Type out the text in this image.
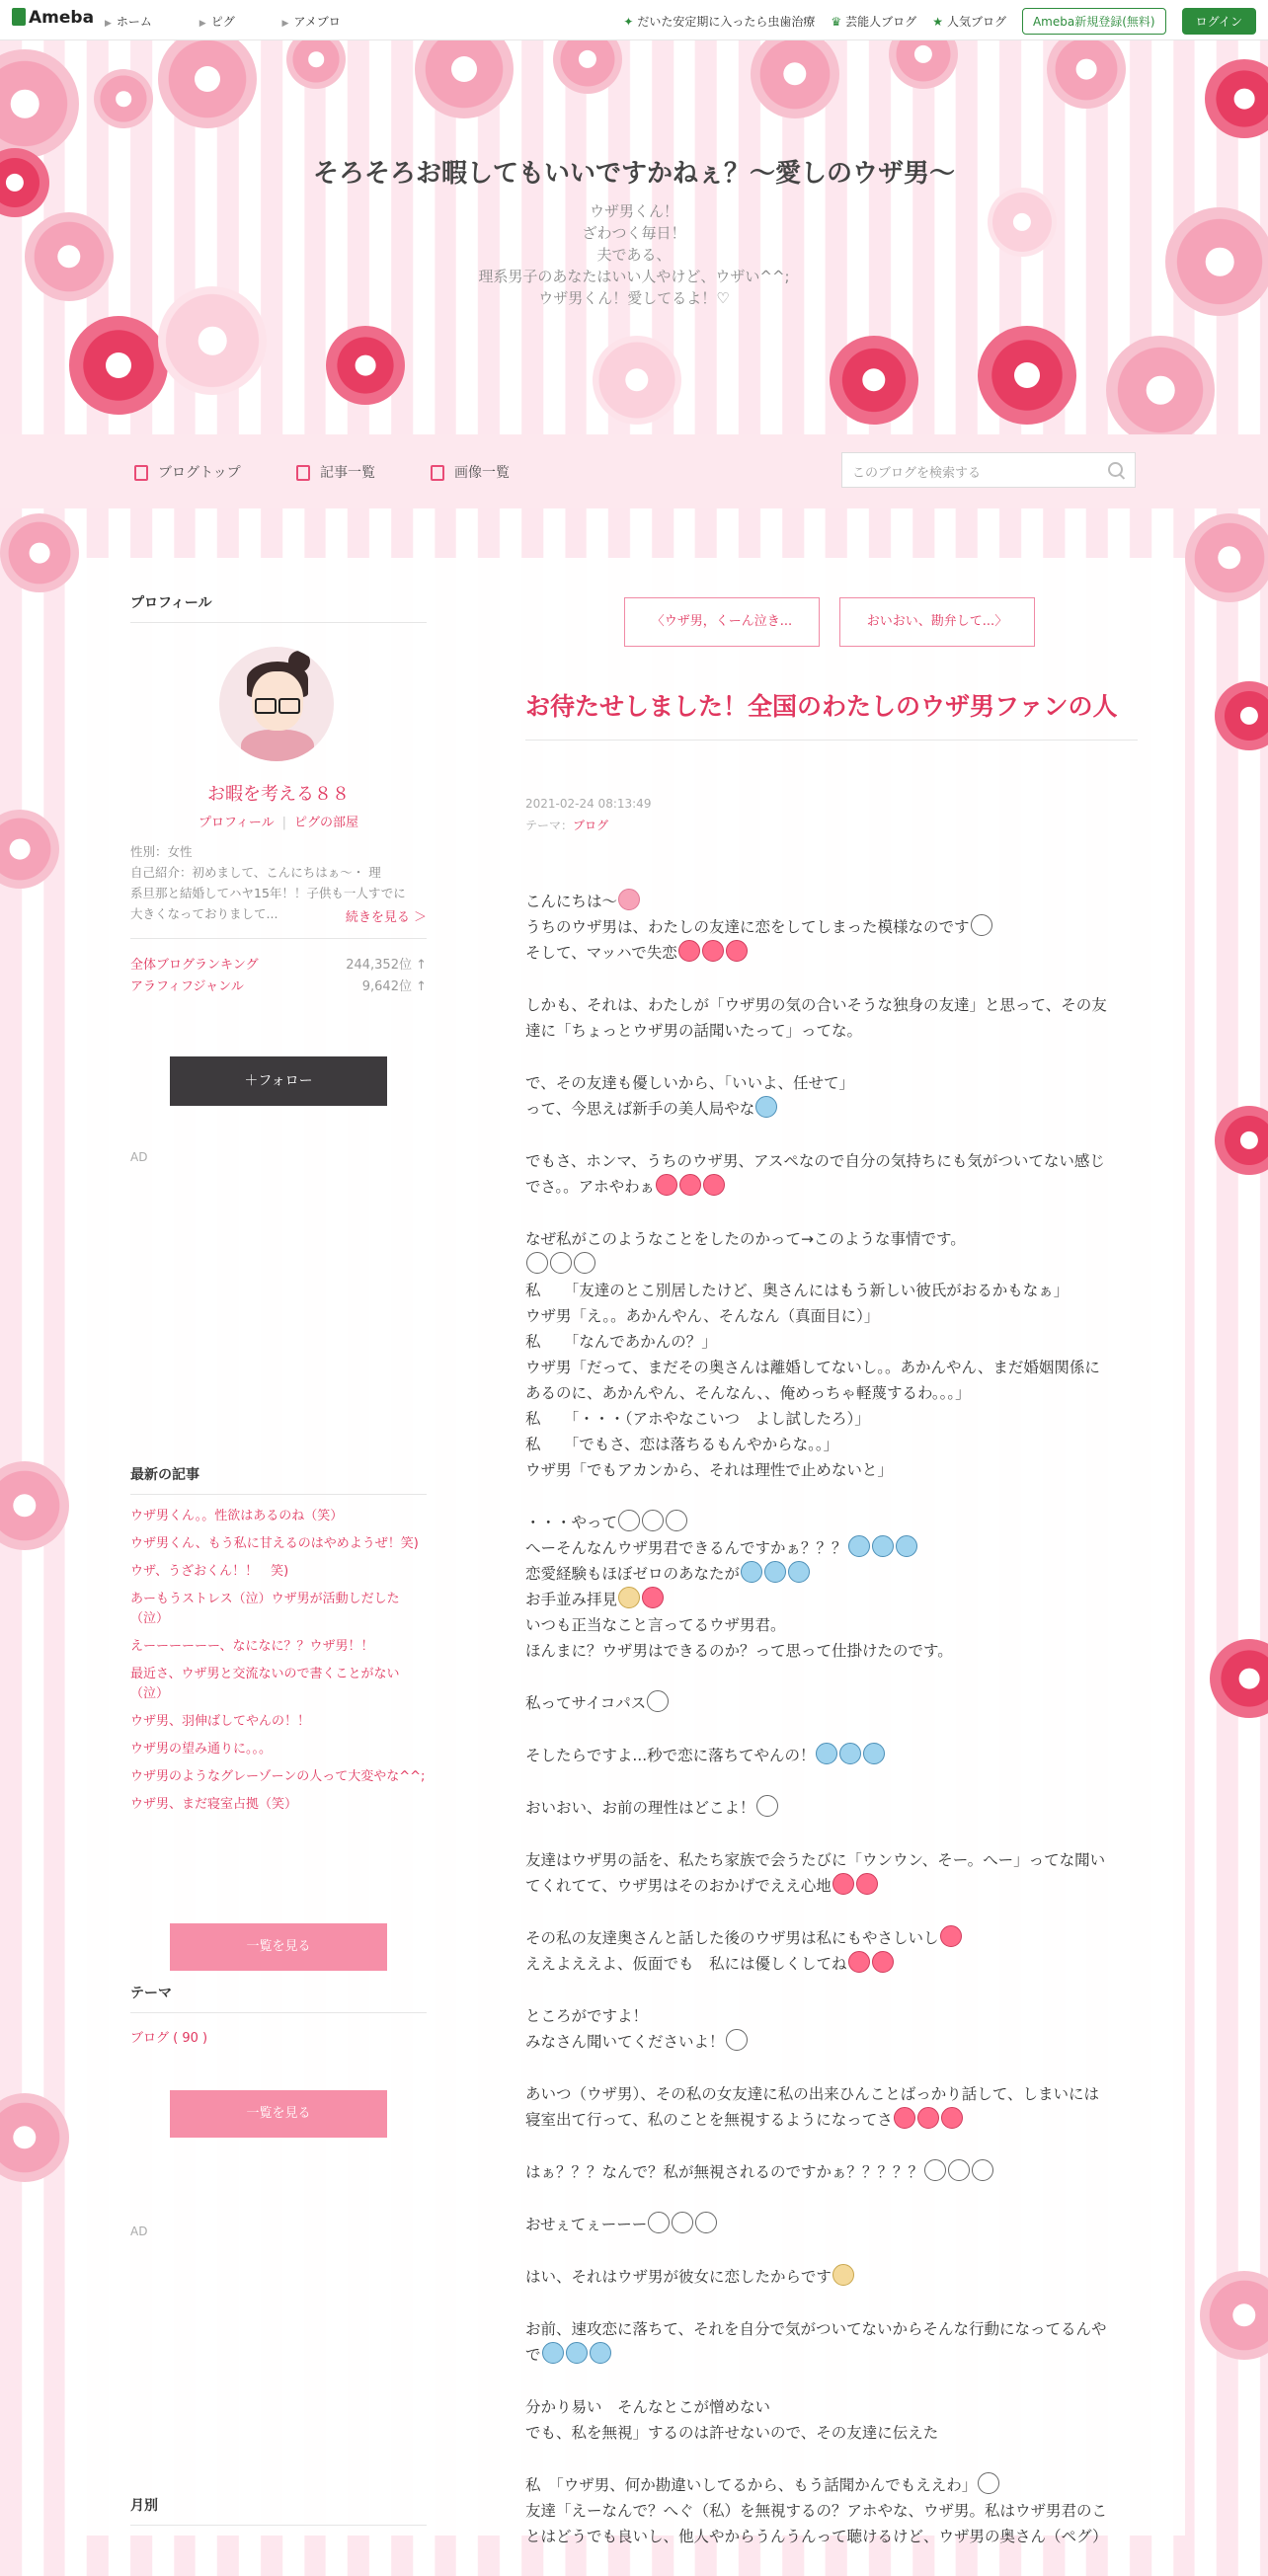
Ameba ▶ ホーム	▶ ピグ	▶ アメブロ	✦ だいた安定期に入ったら虫歯治療 ♛ 芸能人ブログ ★ 人気ブログ	Ameba新規登録(無料)	ログイン
そろそろお暇してもいいですかねぇ？〜愛しのウザ男〜
ウザ男くん！
ざわつく毎日！
夫である、
理系男子のあなたはいい人やけど、ウザい^^;
ウザ男くん！愛してるよ！♡
ブログトップ	記事一覧	画像一覧	このブログを検索する
プロフィール
お暇を考える８８
プロフィール | ピグの部屋
性別：女性
自己紹介：初めまして、こんにちはぁ〜・ 理
系旦那と結婚してハヤ15年！！子供も一人すでに
大きくなっておりまして...	続きを見る ＞
全体ブログランキング	244,352位 ↑
アラフィフジャンル	9,642位 ↑
＋フォロー
AD
最新の記事
ウザ男くん。。性欲はあるのね（笑）
ウザ男くん、もう私に甘えるのはやめようぜ！笑)
ウザ、うざおくん！！　笑)
あーもうストレス（泣）ウザ男が活動しだした（泣）
えーーーーーー、なになに？？ウザ男！！
最近さ、ウザ男と交流ないので書くことがない（泣）
ウザ男、羽伸ばしてやんの！！
ウザ男の望み通りに。。。
ウザ男のようなグレーゾーンの人って大変やな^^;
ウザ男、まだ寝室占拠（笑）
一覧を見る
テーマ
ブログ ( 90 )
一覧を見る
AD
月別
〈ウザ男，くーん泣き...	おいおい、勘弁して...〉
お待たせしました！全国のわたしのウザ男ファンの人
2021-02-24 08:13:49
テーマ：ブログ

こんにちは〜
うちのウザ男は、わたしの友達に恋をしてしまった模様なのです
そして、マッハで失恋

しかも、それは、わたしが「ウザ男の気の合いそうな独身の友達」と思って、その友
達に「ちょっとウザ男の話聞いたって」ってな。

で、その友達も優しいから、「いいよ、任せて」
って、今思えば新手の美人局やな

でもさ、ホンマ、うちのウザ男、アスペなので自分の気持ちにも気がついてない感じ
でさ。。アホやわぁ

なぜ私がこのようなことをしたのかって→このような事情です。

私　　「友達のとこ別居したけど、奥さんにはもう新しい彼氏がおるかもなぁ」
ウザ男「え。。あかんやん、そんなん（真面目に）」
私　　「なんであかんの？」
ウザ男「だって、まだその奥さんは離婚してないし。。あかんやん、まだ婚姻関係に
あるのに、あかんやん、そんなん、、俺めっちゃ軽蔑するわ。。。」
私　　「・・・（アホやなこいつ　よし試したろ）」
私　　「でもさ、恋は落ちるもんやからな。。」
ウザ男「でもアカンから、それは理性で止めないと」

・・・やって
へーそんなんウザ男君できるんですかぁ？？？
恋愛経験もほぼゼロのあなたが
お手並み拝見
いつも正当なこと言ってるウザ男君。
ほんまに？ウザ男はできるのか？って思って仕掛けたのです。

私ってサイコパス

そしたらですよ...秒で恋に落ちてやんの！

おいおい、お前の理性はどこよ！

友達はウザ男の話を、私たち家族で会うたびに「ウンウン、そー。へー」ってな聞い
てくれてて、ウザ男はそのおかげでええ心地

その私の友達奥さんと話した後のウザ男は私にもやさしいし
ええよええよ、仮面でも　私には優しくしてね

ところがですよ！
みなさん聞いてくださいよ！

あいつ（ウザ男）、その私の女友達に私の出来ひんことばっかり話して、しまいには
寝室出て行って、私のことを無視するようになってさ

はぁ？？？なんで？私が無視されるのですかぁ？？？？？

おせぇてぇーーー

はい、それはウザ男が彼女に恋したからです

お前、速攻恋に落ちて、それを自分で気がついてないからそんな行動になってるんや
で

分かり易い　そんなとこが憎めない
でも、私を無視」するのは許せないので、その友達に伝えた

私　「ウザ男、何か勘違いしてるから、もう話聞かんでもええわ」
友達「えーなんで？へぐ（私）を無視するの？アホやな、ウザ男。私はウザ男君のこ
とはどうでも良いし、他人やからうんうんって聴けるけど、ウザ男の奥さん（ペグ）
